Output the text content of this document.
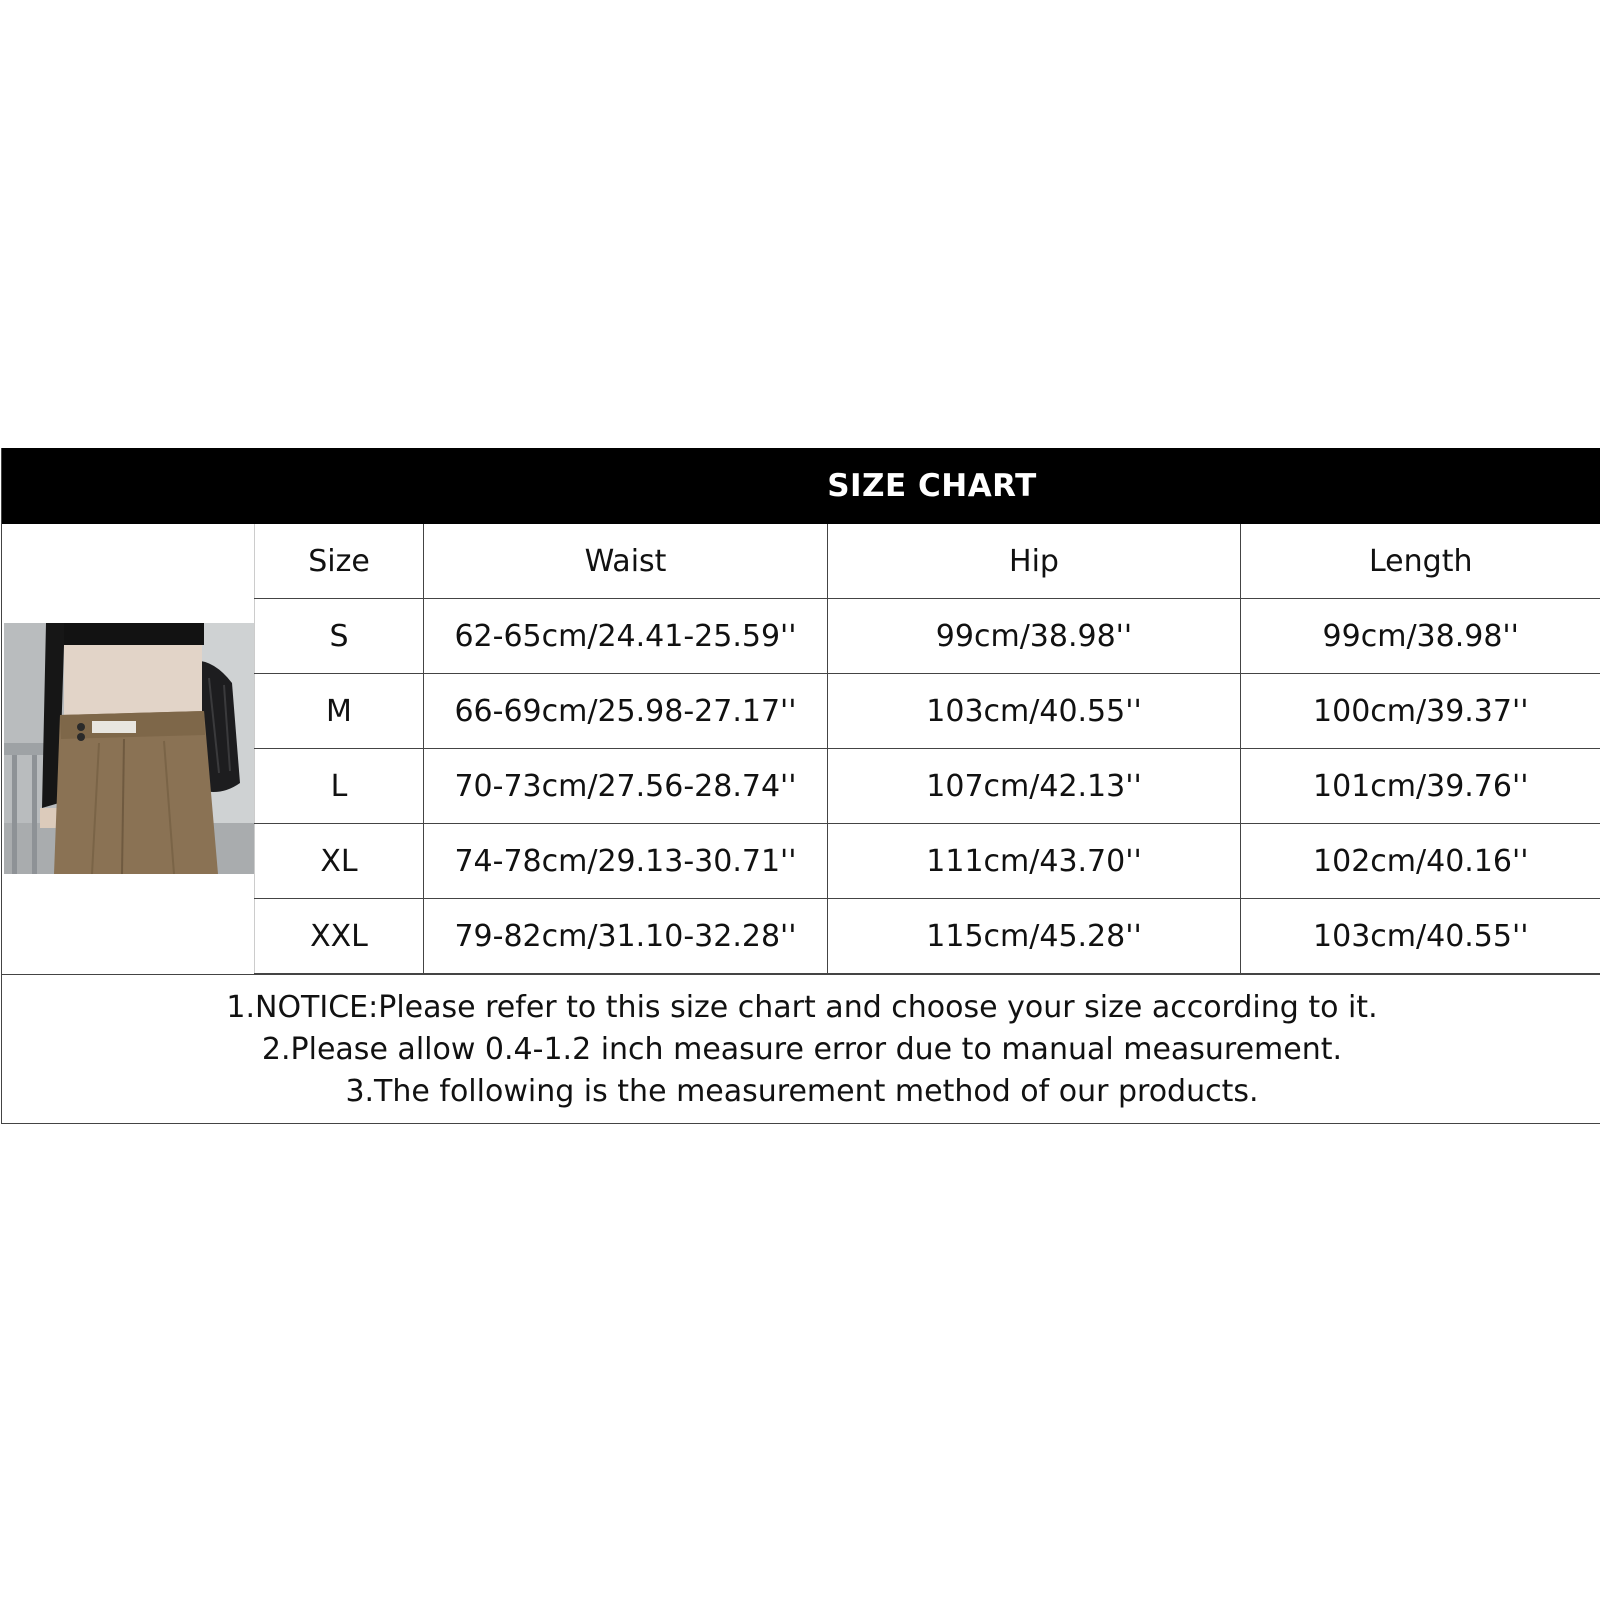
SIZE CHART
Size	Waist	Hip	Length
S	62-65cm/24.41-25.59''	99cm/38.98''	99cm/38.98''
M	66-69cm/25.98-27.17''	103cm/40.55''	100cm/39.37''
L	70-73cm/27.56-28.74''	107cm/42.13''	101cm/39.76''
XL	74-78cm/29.13-30.71''	111cm/43.70''	102cm/40.16''
XXL	79-82cm/31.10-32.28''	115cm/45.28''	103cm/40.55''
1.NOTICE:Please refer to this size chart and choose your size according to it.
2.Please allow 0.4-1.2 inch measure error due to manual measurement.
3.The following is the measurement method of our products.
